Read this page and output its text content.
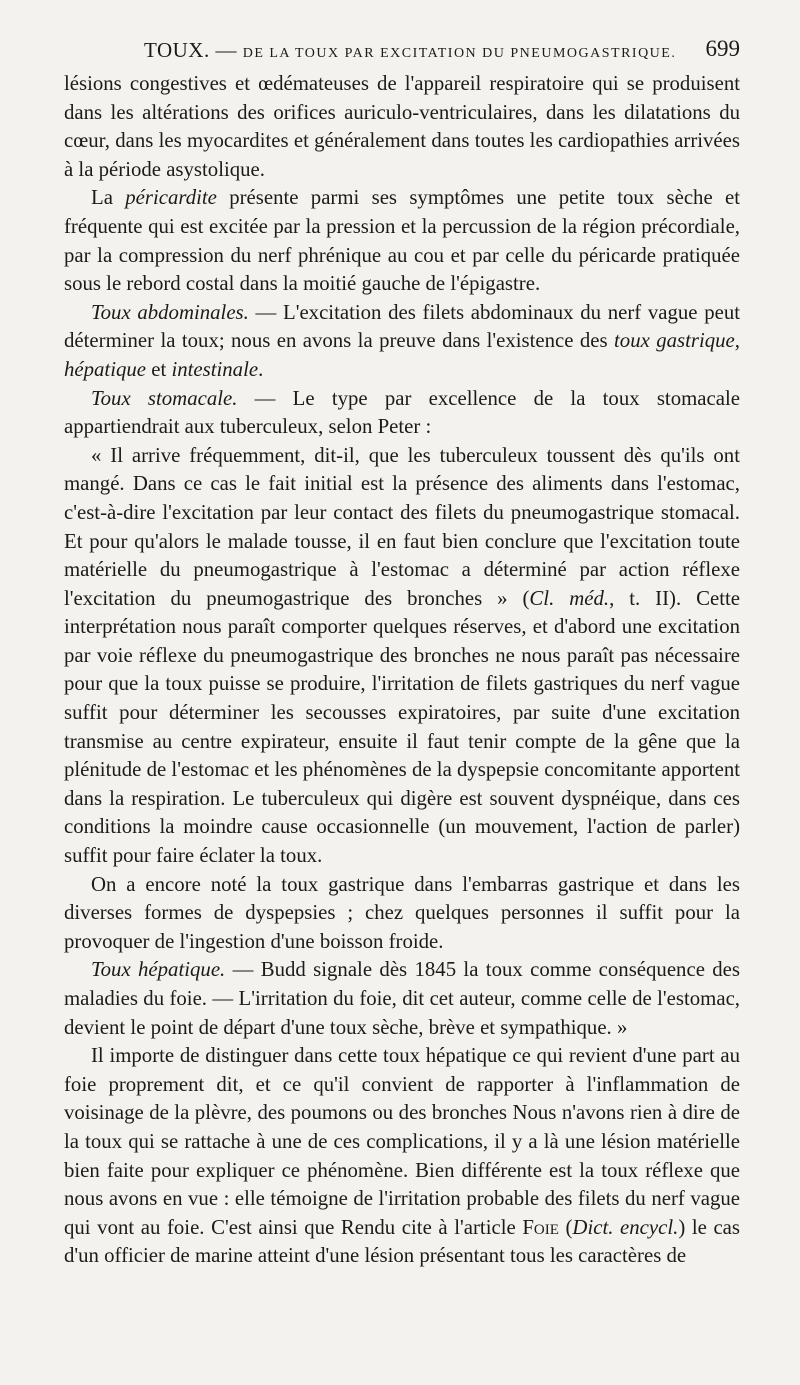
TOUX. — DE LA TOUX PAR EXCITATION DU PNEUMOGASTRIQUE. 699

lésions congestives et œdémateuses de l'appareil respiratoire qui se produisent dans les altérations des orifices auriculo-ventriculaires, dans les dilatations du cœur, dans les myocardites et généralement dans toutes les cardiopathies arrivées à la période asystolique.

La péricardite présente parmi ses symptômes une petite toux sèche et fréquente qui est excitée par la pression et la percussion de la région précordiale, par la compression du nerf phrénique au cou et par celle du péricarde pratiquée sous le rebord costal dans la moitié gauche de l'épigastre.

Toux abdominales. — L'excitation des filets abdominaux du nerf vague peut déterminer la toux; nous en avons la preuve dans l'existence des toux gastrique, hépatique et intestinale.

Toux stomacale. — Le type par excellence de la toux stomacale appartiendrait aux tuberculeux, selon Peter :

« Il arrive fréquemment, dit-il, que les tuberculeux toussent dès qu'ils ont mangé. Dans ce cas le fait initial est la présence des aliments dans l'estomac, c'est-à-dire l'excitation par leur contact des filets du pneumogastrique stomacal. Et pour qu'alors le malade tousse, il en faut bien conclure que l'excitation toute matérielle du pneumogastrique à l'estomac a déterminé par action réflexe l'excitation du pneumogastrique des bronches » (Cl. méd., t. II). Cette interprétation nous paraît comporter quelques réserves, et d'abord une excitation par voie réflexe du pneumogastrique des bronches ne nous paraît pas nécessaire pour que la toux puisse se produire, l'irritation de filets gastriques du nerf vague suffit pour déterminer les secousses expiratoires, par suite d'une excitation transmise au centre expirateur, ensuite il faut tenir compte de la gêne que la plénitude de l'estomac et les phénomènes de la dyspepsie concomitante apportent dans la respiration. Le tuberculeux qui digère est souvent dyspnéique, dans ces conditions la moindre cause occasionnelle (un mouvement, l'action de parler) suffit pour faire éclater la toux.

On a encore noté la toux gastrique dans l'embarras gastrique et dans les diverses formes de dyspepsies ; chez quelques personnes il suffit pour la provoquer de l'ingestion d'une boisson froide.

Toux hépatique. — Budd signale dès 1845 la toux comme conséquence des maladies du foie. — L'irritation du foie, dit cet auteur, comme celle de l'estomac, devient le point de départ d'une toux sèche, brève et sympathique. »

Il importe de distinguer dans cette toux hépatique ce qui revient d'une part au foie proprement dit, et ce qu'il convient de rapporter à l'inflammation de voisinage de la plèvre, des poumons ou des bronches Nous n'avons rien à dire de la toux qui se rattache à une de ces complications, il y a là une lésion matérielle bien faite pour expliquer ce phénomène. Bien différente est la toux réflexe que nous avons en vue : elle témoigne de l'irritation probable des filets du nerf vague qui vont au foie. C'est ainsi que Rendu cite à l'article Foie (Dict. encycl.) le cas d'un officier de marine atteint d'une lésion présentant tous les caractères de
